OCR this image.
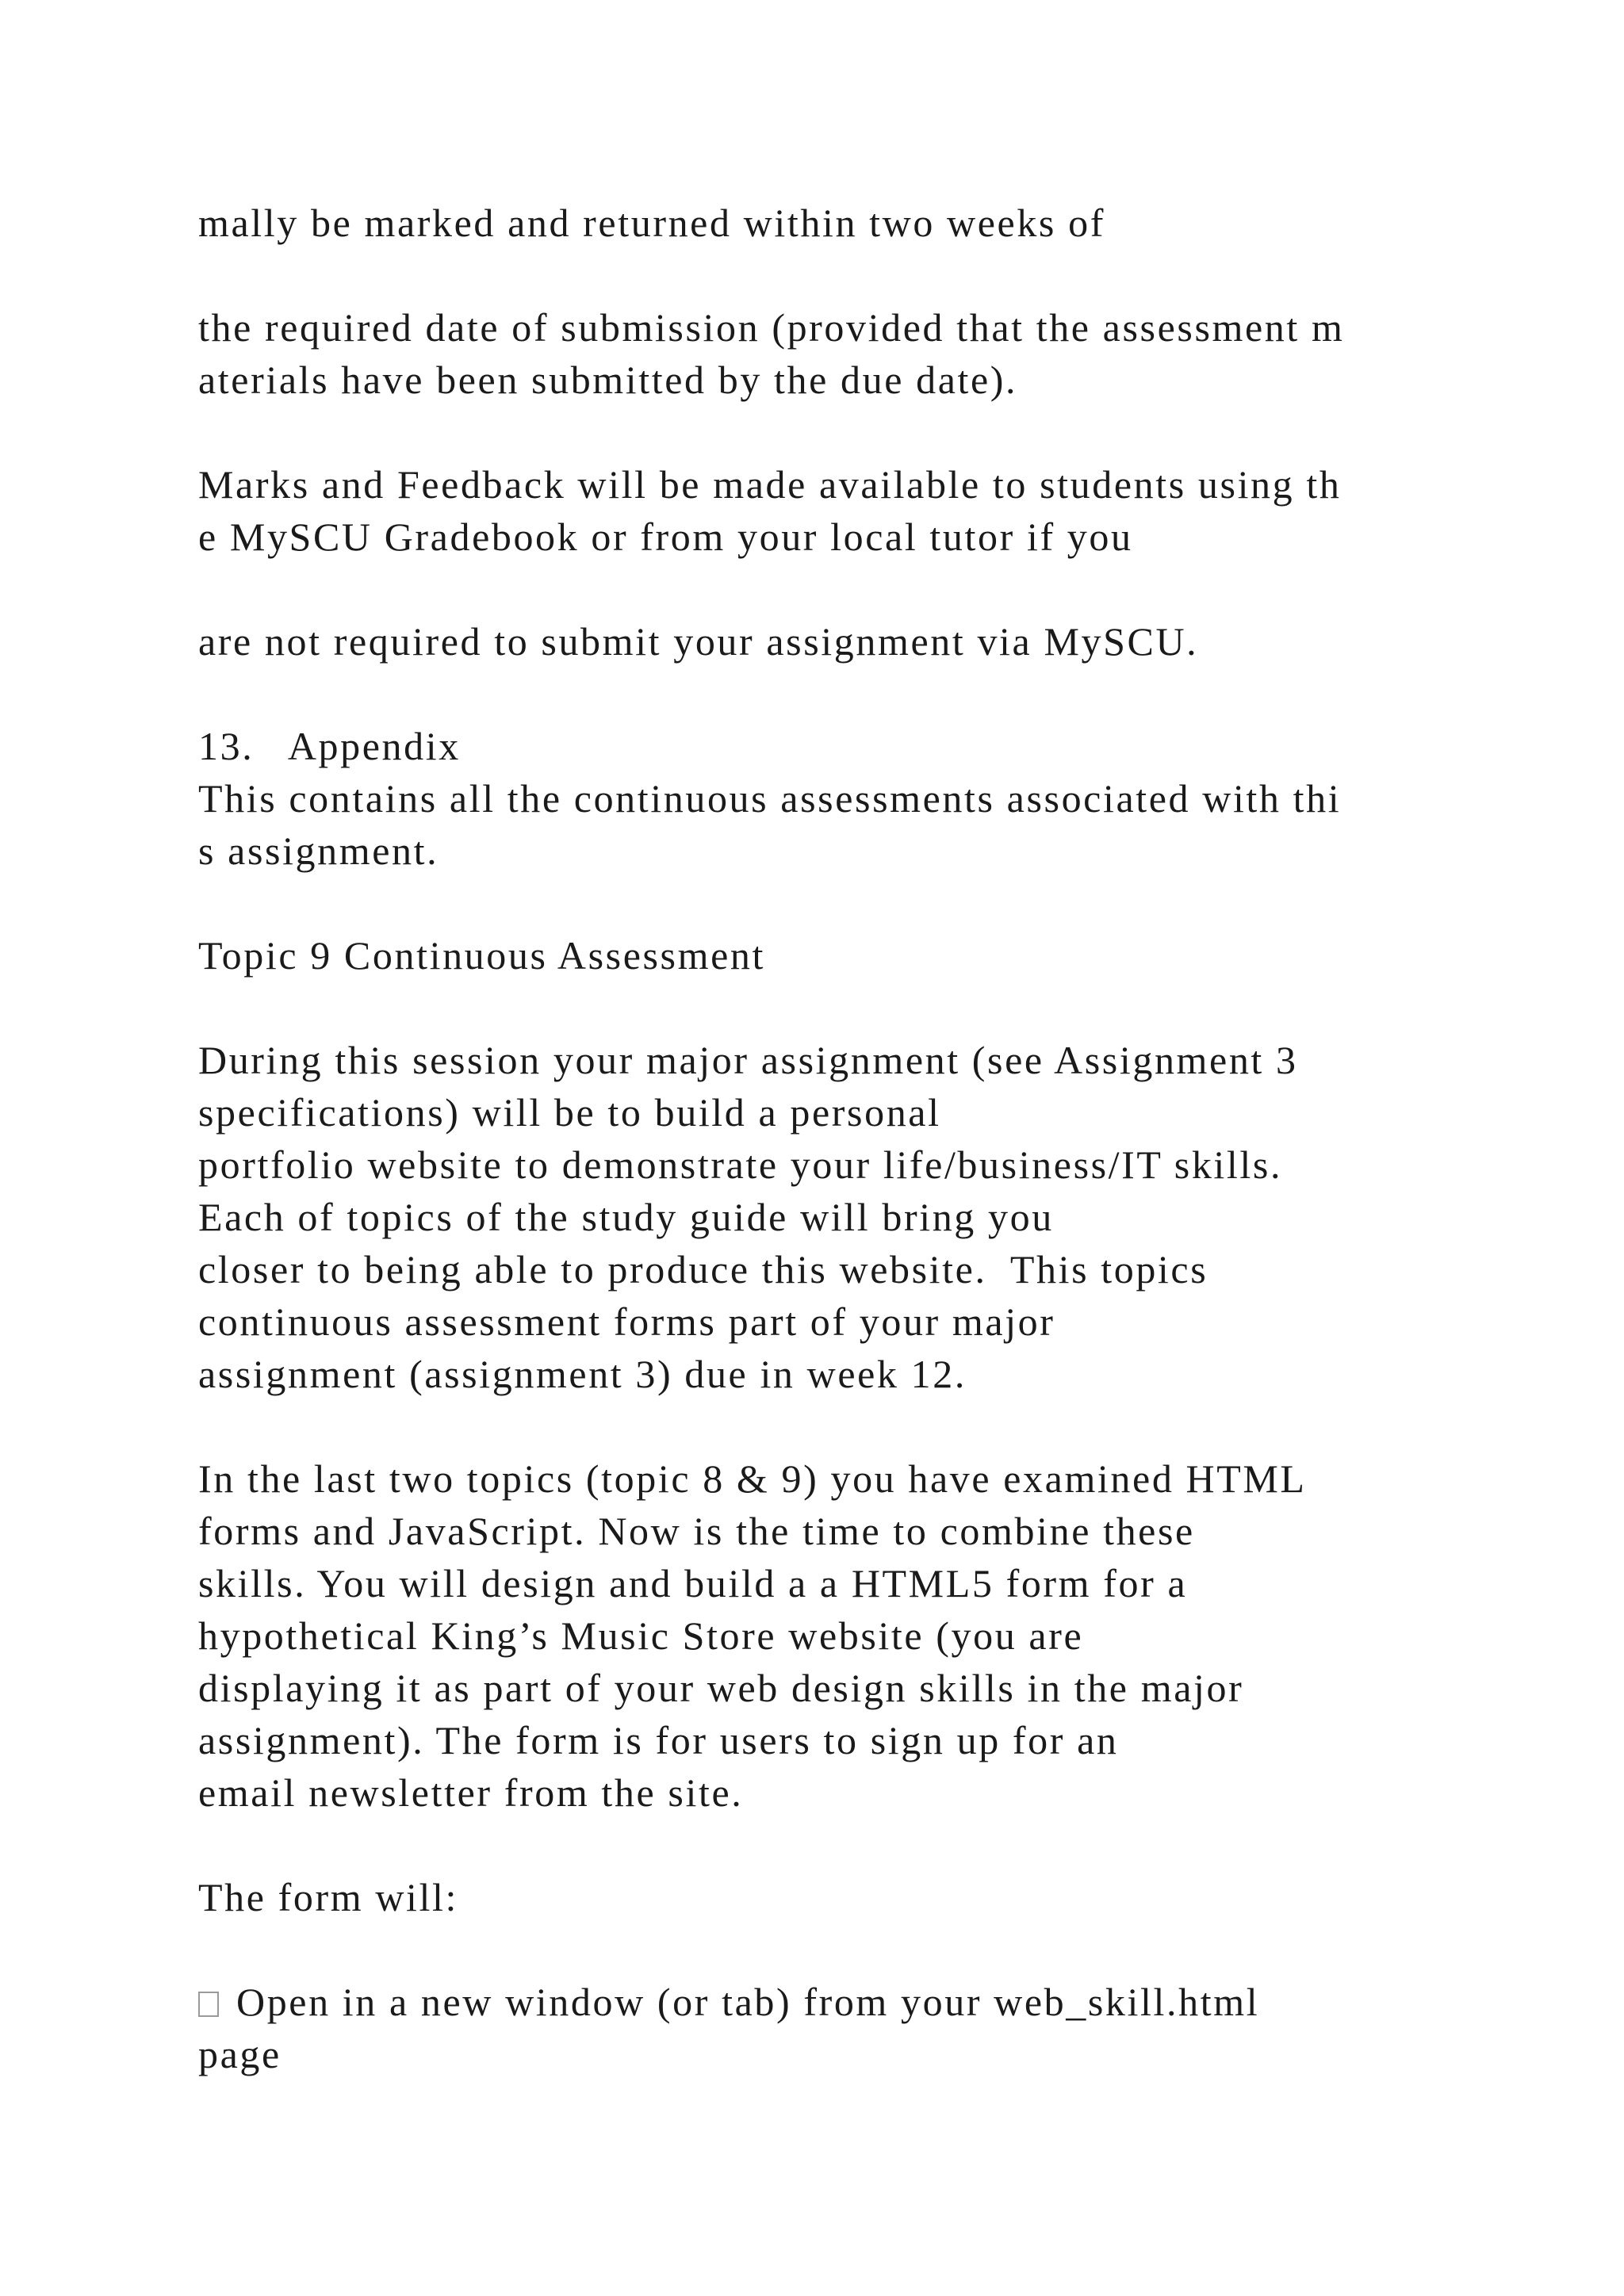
mally be marked and returned within two weeks of
the required date of submission (provided that the assessment m
aterials have been submitted by the due date).
Marks and Feedback will be made available to students using th
e MySCU Gradebook or from your local tutor if you
are not required to submit your assignment via MySCU.
13.   Appendix
This contains all the continuous assessments associated with thi
s assignment.
Topic 9 Continuous Assessment
During this session your major assignment (see Assignment 3
specifications) will be to build a personal
portfolio website to demonstrate your life/business/IT skills.
Each of topics of the study guide will bring you
closer to being able to produce this website.  This topics
continuous assessment forms part of your major
assignment (assignment 3) due in week 12.
In the last two topics (topic 8 & 9) you have examined HTML
forms and JavaScript. Now is the time to combine these
skills. You will design and build a a HTML5 form for a
hypothetical King’s Music Store website (you are
displaying it as part of your web design skills in the major
assignment). The form is for users to sign up for an
email newsletter from the site.
The form will:
Open in a new window (or tab) from your web_skill.html
page
